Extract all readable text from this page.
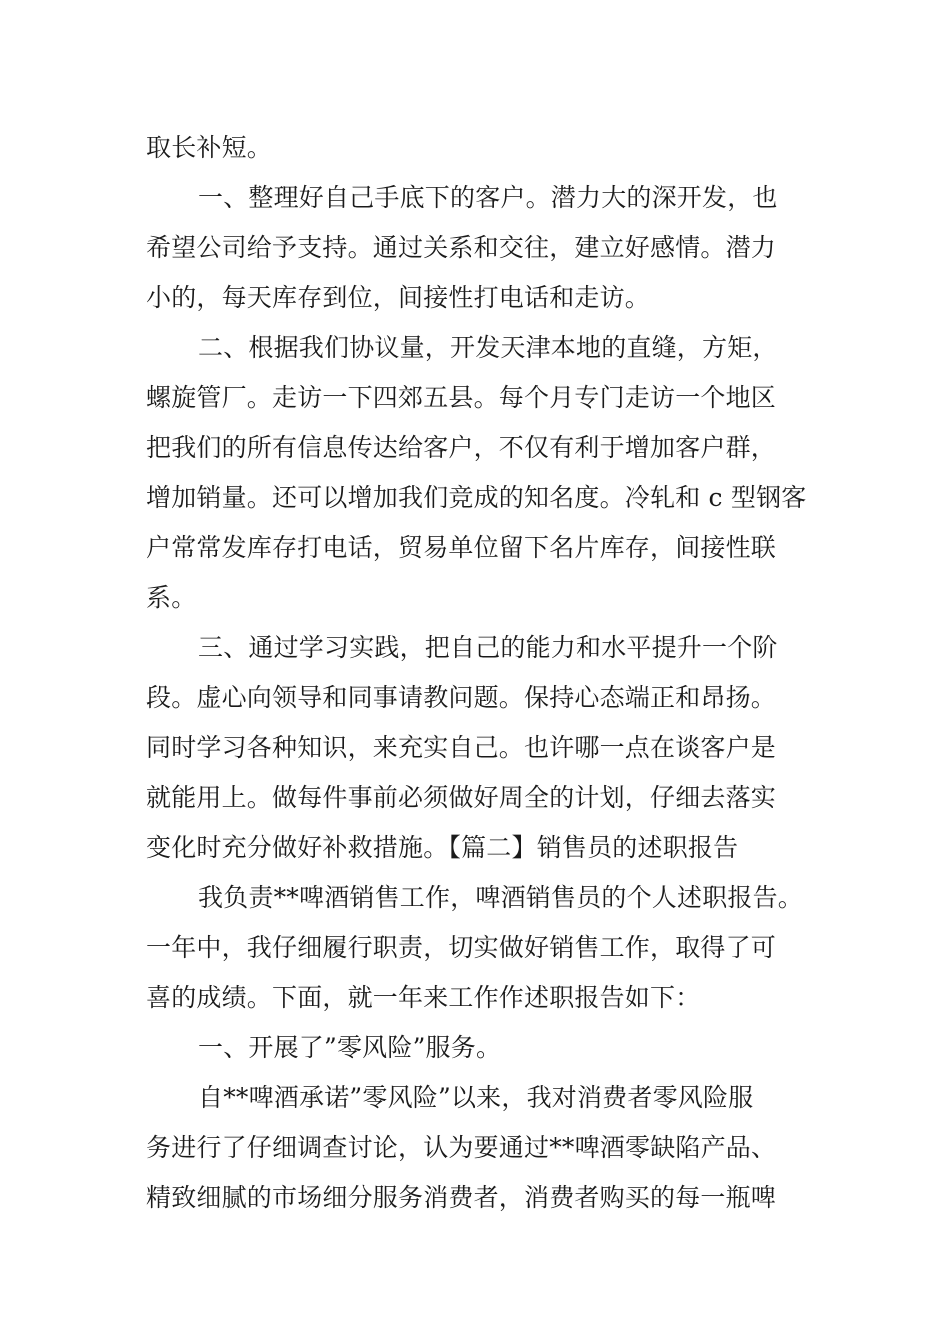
取长补短。

一、整理好自己手底下的客户。潜力大的深开发，也

希望公司给予支持。通过关系和交往，建立好感情。潜力

小的，每天库存到位，间接性打电话和走访。

二、根据我们协议量，开发天津本地的直缝，方矩，

螺旋管厂。走访一下四郊五县。每个月专门走访一个地区

把我们的所有信息传达给客户，不仅有利于增加客户群，

增加销量。还可以增加我们竞成的知名度。冷轧和 c 型钢客

户常常发库存打电话，贸易单位留下名片库存，间接性联

系。

三、通过学习实践，把自己的能力和水平提升一个阶

段。虚心向领导和同事请教问题。保持心态端正和昂扬。

同时学习各种知识，来充实自己。也许哪一点在谈客户是

就能用上。做每件事前必须做好周全的计划，仔细去落实

变化时充分做好补救措施。【篇二】销售员的述职报告

我负责**啤酒销售工作，啤酒销售员的个人述职报告。

一年中，我仔细履行职责，切实做好销售工作，取得了可

喜的成绩。下面，就一年来工作作述职报告如下：

一、开展了”零风险”服务。

自**啤酒承诺”零风险”以来，我对消费者零风险服

务进行了仔细调查讨论，认为要通过**啤酒零缺陷产品、

精致细腻的市场细分服务消费者，消费者购买的每一瓶啤
